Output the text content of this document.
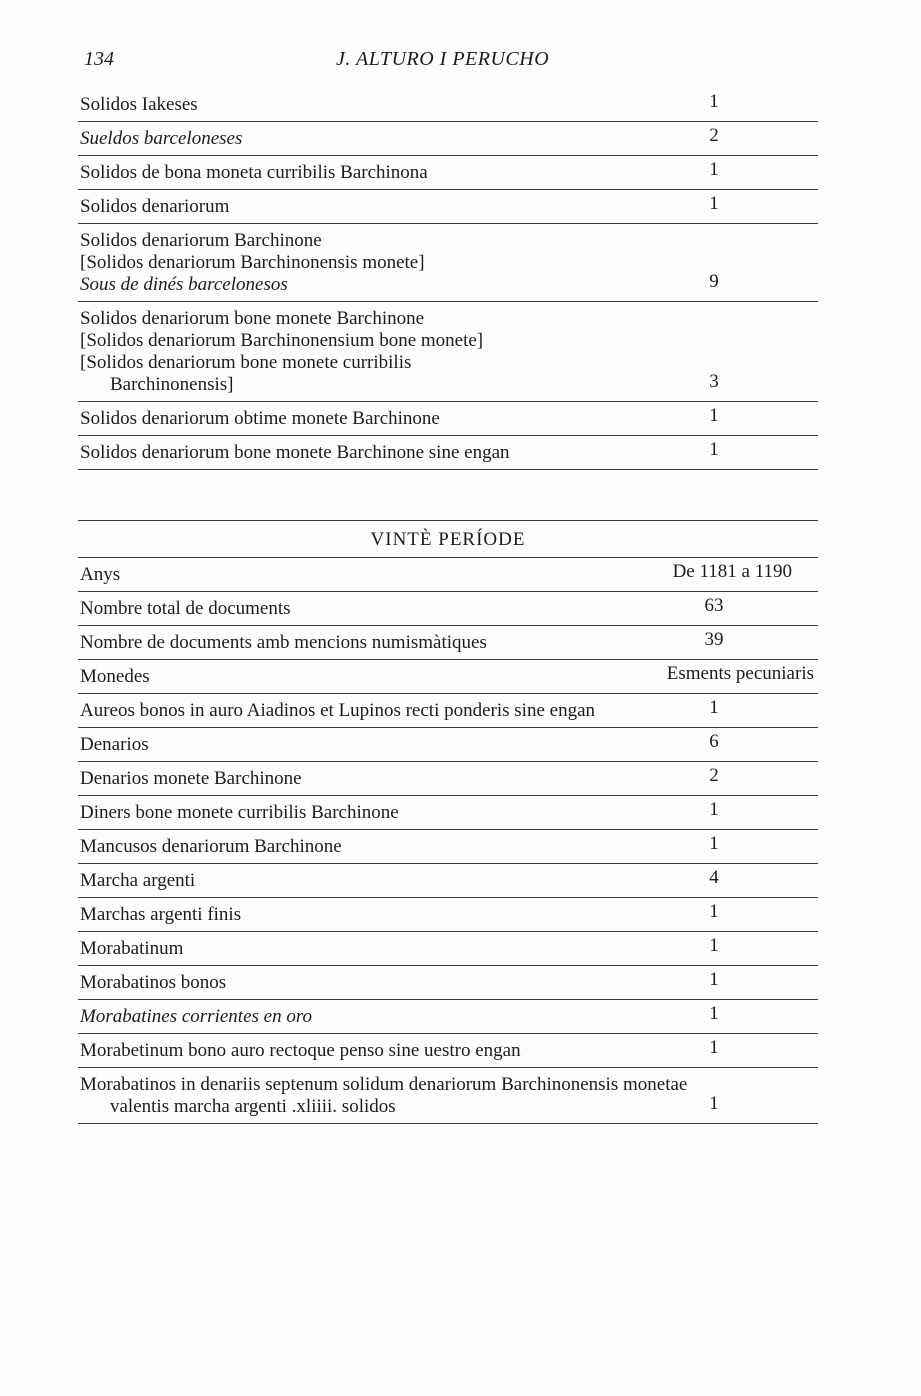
134	J. ALTURO I PERUCHO
Solidos Iakeses	1
Sueldos barceloneses	2
Solidos de bona moneta curribilis Barchinona	1
Solidos denariorum	1
Solidos denariorum Barchinone
[Solidos denariorum Barchinonensis monete]
Sous de dinés barcelonesos	9
Solidos denariorum bone monete Barchinone
[Solidos denariorum Barchinonensium bone monete]
[Solidos denariorum bone monete curribilis
Barchinonensis]	3
Solidos denariorum obtime monete Barchinone	1
Solidos denariorum bone monete Barchinone sine engan	1
VINTÈ PERÍODE
Anys	De 1181 a 1190
Nombre total de documents	63
Nombre de documents amb mencions numismàtiques	39
Monedes	Esments pecuniaris
Aureos bonos in auro Aiadinos et Lupinos recti ponderis sine engan	1
Denarios	6
Denarios monete Barchinone	2
Diners bone monete curribilis Barchinone	1
Mancusos denariorum Barchinone	1
Marcha argenti	4
Marchas argenti finis	1
Morabatinum	1
Morabatinos bonos	1
Morabatines corrientes en oro	1
Morabetinum bono auro rectoque penso sine uestro engan	1
Morabatinos in denariis septenum solidum denariorum Barchinonensis monetae valentis marcha argenti .xliiii. solidos	1
